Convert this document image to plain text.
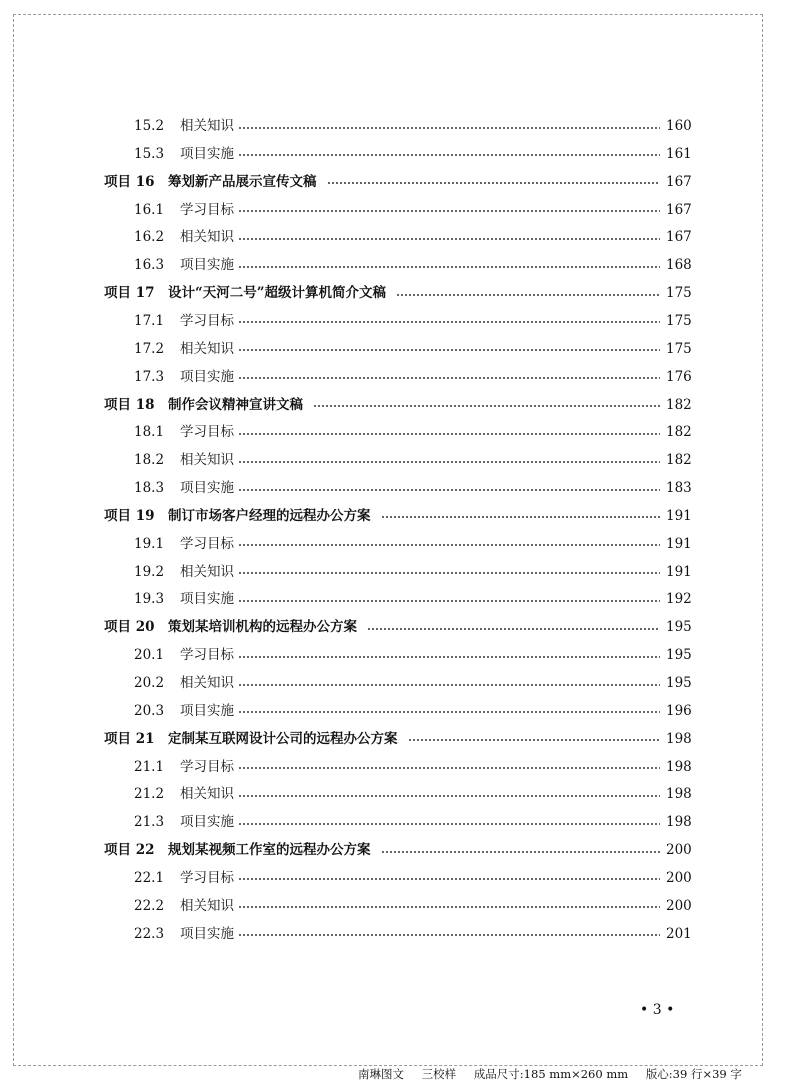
15.2	相关知识	160
15.3	项目实施	161
项目 16	筹划新产品展示宣传文稿	167
16.1	学习目标	167
16.2	相关知识	167
16.3	项目实施	168
项目 17	设计“天河二号”超级计算机简介文稿	175
17.1	学习目标	175
17.2	相关知识	175
17.3	项目实施	176
项目 18	制作会议精神宣讲文稿	182
18.1	学习目标	182
18.2	相关知识	182
18.3	项目实施	183
项目 19	制订市场客户经理的远程办公方案	191
19.1	学习目标	191
19.2	相关知识	191
19.3	项目实施	192
项目 20	策划某培训机构的远程办公方案	195
20.1	学习目标	195
20.2	相关知识	195
20.3	项目实施	196
项目 21	定制某互联网设计公司的远程办公方案	198
21.1	学习目标	198
21.2	相关知识	198
21.3	项目实施	198
项目 22	规划某视频工作室的远程办公方案	200
22.1	学习目标	200
22.2	相关知识	200
22.3	项目实施	201
• 3 •
南琳图文 三校样 成品尺寸:185 mm×260 mm 版心:39 行×39 字
